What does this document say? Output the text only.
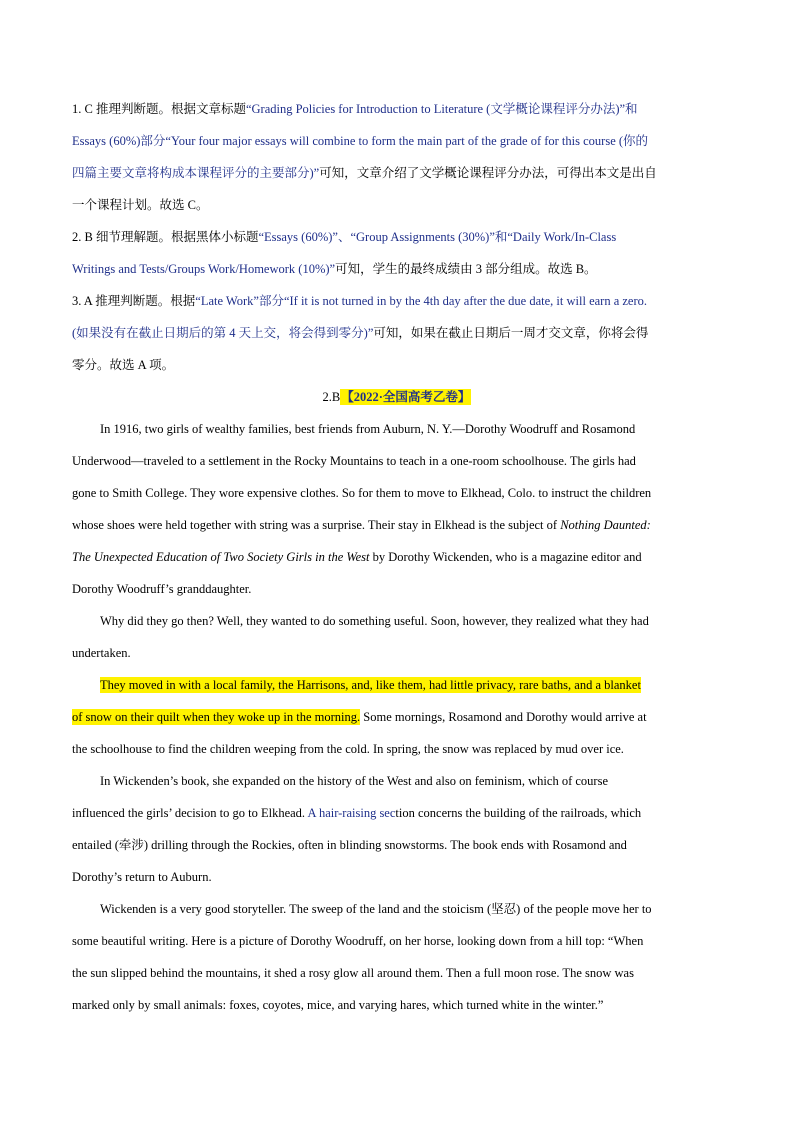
1. C 推理判断题。根据文章标题“Grading Policies for Introduction to Literature (文学概论课程评分办法)”和
Essays (60%)部分“Your four major essays will combine to form the main part of the grade of for this course (你的
四篇主要文章将构成本课程评分的主要部分)”可知，文章介绍了文学概论课程评分办法，可得出本文是出自
一个课程计划。故选 C。

2. B 细节理解题。根据黑体小标题“Essays (60%)”、“Group Assignments (30%)”和“Daily Work/In-Class
Writings and Tests/Groups Work/Homework (10%)”可知，学生的最终成绩由 3 部分组成。故选 B。

3. A 推理判断题。根据“Late Work”部分“If it is not turned in by the 4th day after the due date, it will earn a zero.
(如果没有在截止日期后的第 4 天上交，将会得到零分)”可知，如果在截止日期后一周才交文章，你将会得
零分。故选 A 项。

2.B【2022·全国高考乙卷】

In 1916, two girls of wealthy families, best friends from Auburn, N. Y.—Dorothy Woodruff and Rosamond
Underwood—traveled to a settlement in the Rocky Mountains to teach in a one-room schoolhouse. The girls had
gone to Smith College. They wore expensive clothes. So for them to move to Elkhead, Colo. to instruct the children
whose shoes were held together with string was a surprise. Their stay in Elkhead is the subject of Nothing Daunted:
The Unexpected Education of Two Society Girls in the West by Dorothy Wickenden, who is a magazine editor and
Dorothy Woodruff’s granddaughter.

Why did they go then? Well, they wanted to do something useful. Soon, however, they realized what they had
undertaken.

They moved in with a local family, the Harrisons, and, like them, had little privacy, rare baths, and a blanket
of snow on their quilt when they woke up in the morning. Some mornings, Rosamond and Dorothy would arrive at
the schoolhouse to find the children weeping from the cold. In spring, the snow was replaced by mud over ice.

In Wickenden’s book, she expanded on the history of the West and also on feminism, which of course
influenced the girls’ decision to go to Elkhead. A hair-raising section concerns the building of the railroads, which
entailed (牵涉) drilling through the Rockies, often in blinding snowstorms. The book ends with Rosamond and
Dorothy’s return to Auburn.

Wickenden is a very good storyteller. The sweep of the land and the stoicism (坚忍) of the people move her to
some beautiful writing. Here is a picture of Dorothy Woodruff, on her horse, looking down from a hill top: “When
the sun slipped behind the mountains, it shed a rosy glow all around them. Then a full moon rose. The snow was
marked only by small animals: foxes, coyotes, mice, and varying hares, which turned white in the winter.”
